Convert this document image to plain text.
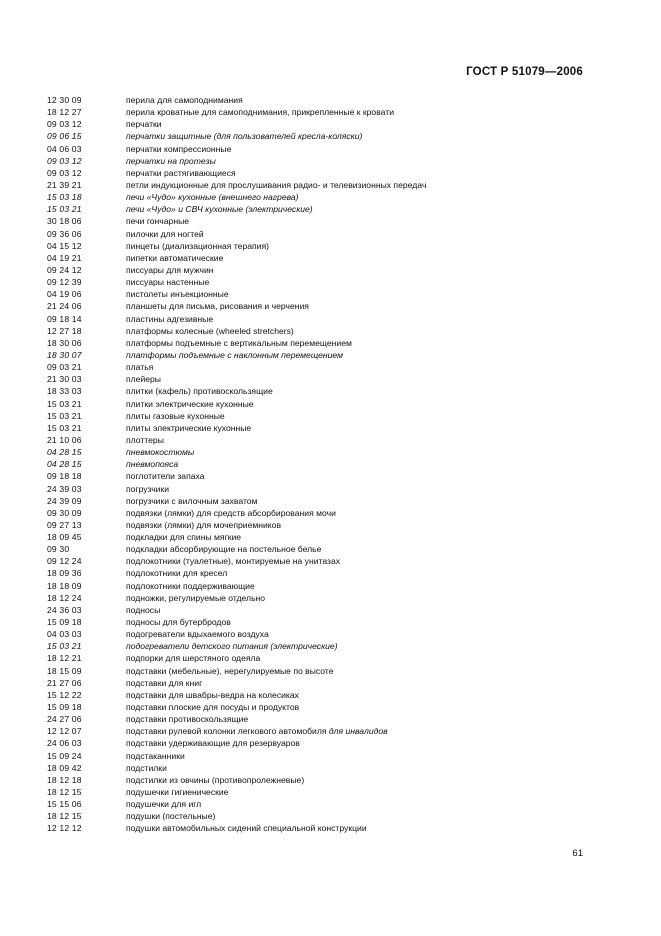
ГОСТ Р 51079—2006
12 30 09	перила для самоподнимания
18 12 27	перила кроватные для самоподнимания, прикрепленные к кровати
09 03 12	перчатки
09 06 15	перчатки защитные (для пользователей кресла-коляски)
04 06 03	перчатки компрессионные
09 03 12	перчатки на протезы
09 03 12	перчатки растягивающиеся
21 39 21	петли индукционные для прослушивания радио- и телевизионных передач
15 03 18	печи «Чудо» кухонные (внешнего нагрева)
15 03 21	печи «Чудо» и СВЧ кухонные (электрические)
30 18 06	печи гончарные
09 36 06	пилочки для ногтей
04 15 12	пинцеты (диализационная терапия)
04 19 21	пипетки автоматические
09 24 12	писсуары для мужчин
09 12 39	писсуары настенные
04 19 06	пистолеты инъекционные
21 24 06	планшеты для письма, рисования и черчения
09 18 14	пластины адгезивные
12 27 18	платформы колесные (wheeled stretchers)
18 30 06	платформы подъемные с вертикальным перемещением
18 30 07	платформы подъемные с наклонным перемещением
09 03 21	платья
21 30 03	плейеры
18 33 03	плитки (кафель) противоскользящие
15 03 21	плитки электрические кухонные
15 03 21	плиты газовые кухонные
15 03 21	плиты электрические кухонные
21 10 06	плоттеры
04 28 15	пневмокостюмы
04 28 15	пневмопояса
09 18 18	поглотители запаха
24 39 03	погрузчики
24 39 09	погрузчики с вилочным захватом
09 30 09	подвязки (лямки) для средств абсорбирования мочи
09 27 13	подвязки (лямки) для мочеприемников
18 09 45	подкладки для спины мягкие
09 30	подкладки абсорбирующие на постельное белье
09 12 24	подлокотники (туалетные), монтируемые на унитазах
18 09 36	подлокотники для кресел
18 18 09	подлокотники поддерживающие
18 12 24	подножки, регулируемые отдельно
24 36 03	подносы
15 09 18	подносы для бутербродов
04 03 03	подогреватели вдыхаемого воздуха
15 03 21	подогреватели детского питания (электрические)
18 12 21	подпорки для шерстяного одеяла
18 15 09	подставки (мебельные), нерегулируемые по высоте
21 27 06	подставки для книг
15 12 22	подставки для швабры-ведра на колесиках
15 09 18	подставки плоские для посуды и продуктов
24 27 06	подставки противоскользящие
12 12 07	подставки рулевой колонки легкового автомобиля для инвалидов
24 06 03	подставки удерживающие для резервуаров
15 09 24	подстаканники
18 09 42	подстилки
18 12 18	подстилки из овчины (противопролежневые)
18 12 15	подушечки гигиенические
15 15 06	подушечки для игл
18 12 15	подушки (постельные)
12 12 12	подушки автомобильных сидений специальной конструкции
61
